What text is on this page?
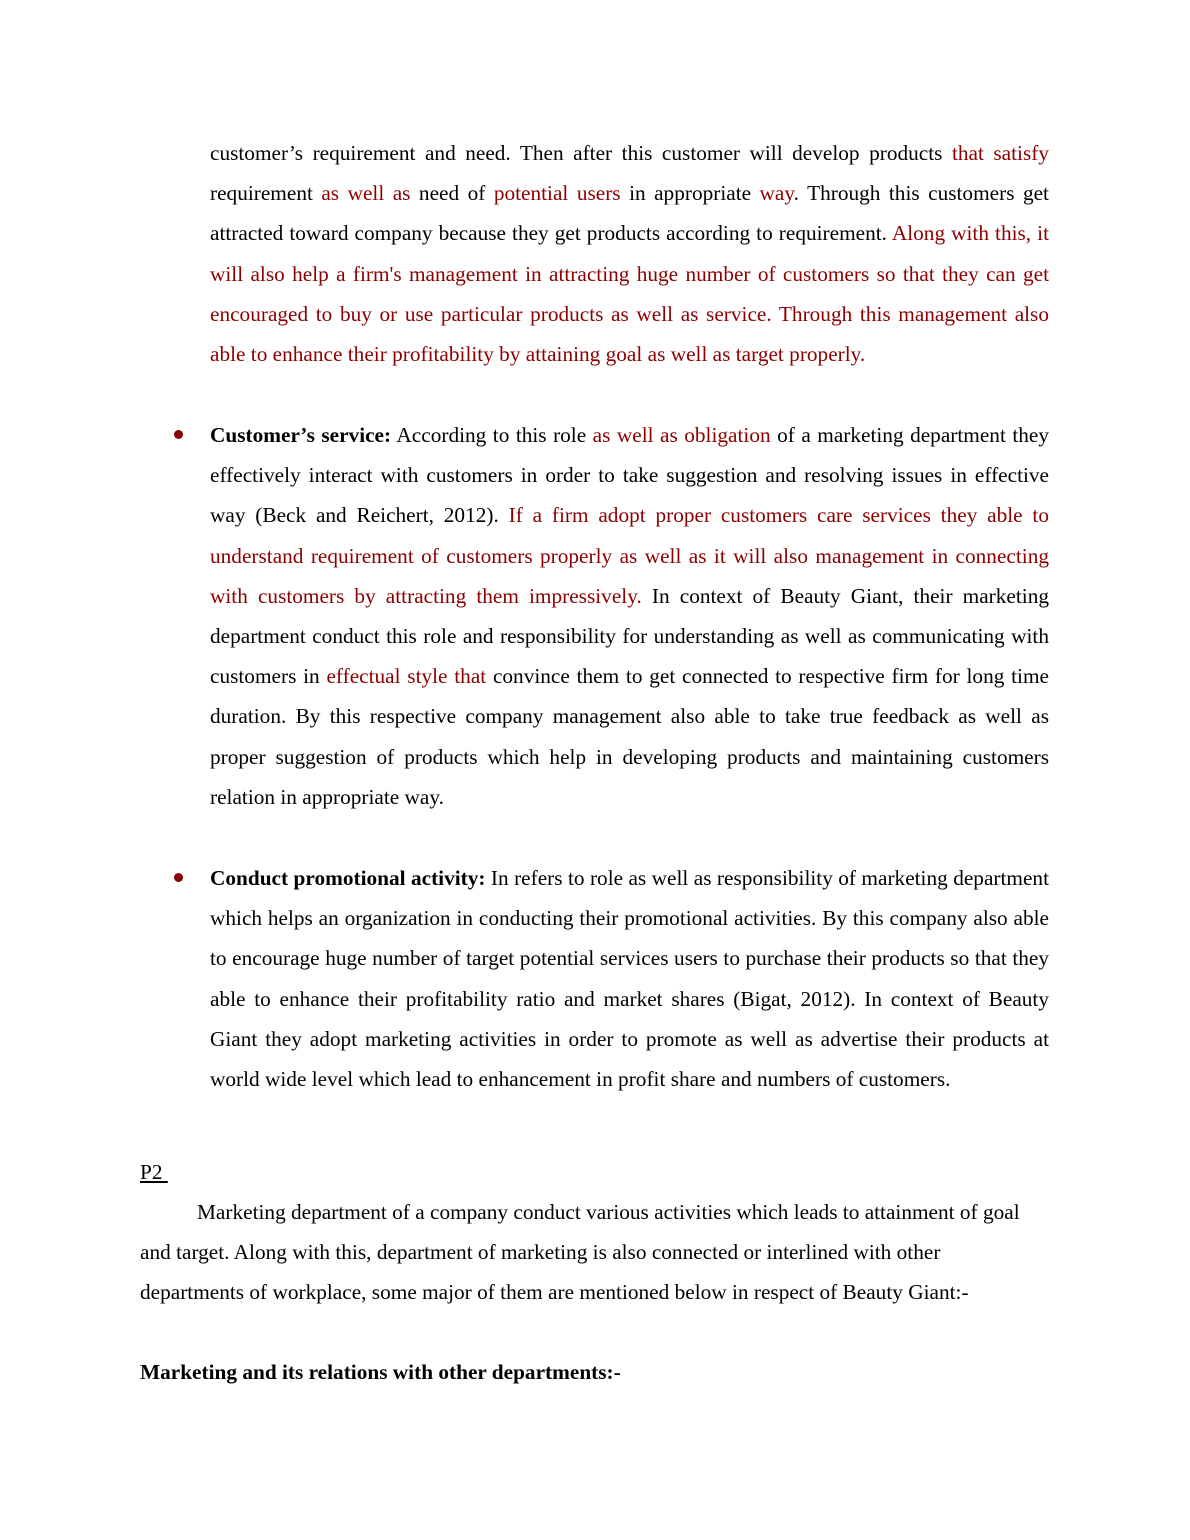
customer’s requirement and need. Then after this customer will develop products that satisfy requirement as well as need of potential users in appropriate way. Through this customers get attracted toward company because they get products according to requirement. Along with this, it will also help a firm's management in attracting huge number of customers so that they can get encouraged to buy or use particular products as well as service. Through this management also able to enhance their profitability by attaining goal as well as target properly.
Customer’s service: According to this role as well as obligation of a marketing department they effectively interact with customers in order to take suggestion and resolving issues in effective way (Beck and Reichert, 2012). If a firm adopt proper customers care services they able to understand requirement of customers properly as well as it will also management in connecting with customers by attracting them impressively. In context of Beauty Giant, their marketing department conduct this role and responsibility for understanding as well as communicating with customers in effectual style that convince them to get connected to respective firm for long time duration. By this respective company management also able to take true feedback as well as proper suggestion of products which help in developing products and maintaining customers relation in appropriate way.
Conduct promotional activity: In refers to role as well as responsibility of marketing department which helps an organization in conducting their promotional activities. By this company also able to encourage huge number of target potential services users to purchase their products so that they able to enhance their profitability ratio and market shares (Bigat, 2012). In context of Beauty Giant they adopt marketing activities in order to promote as well as advertise their products at world wide level which lead to enhancement in profit share and numbers of customers.
P2
Marketing department of a company conduct various activities which leads to attainment of goal and target. Along with this, department of marketing is also connected or interlined with other departments of workplace, some major of them are mentioned below in respect of Beauty Giant:-
Marketing and its relations with other departments:-
